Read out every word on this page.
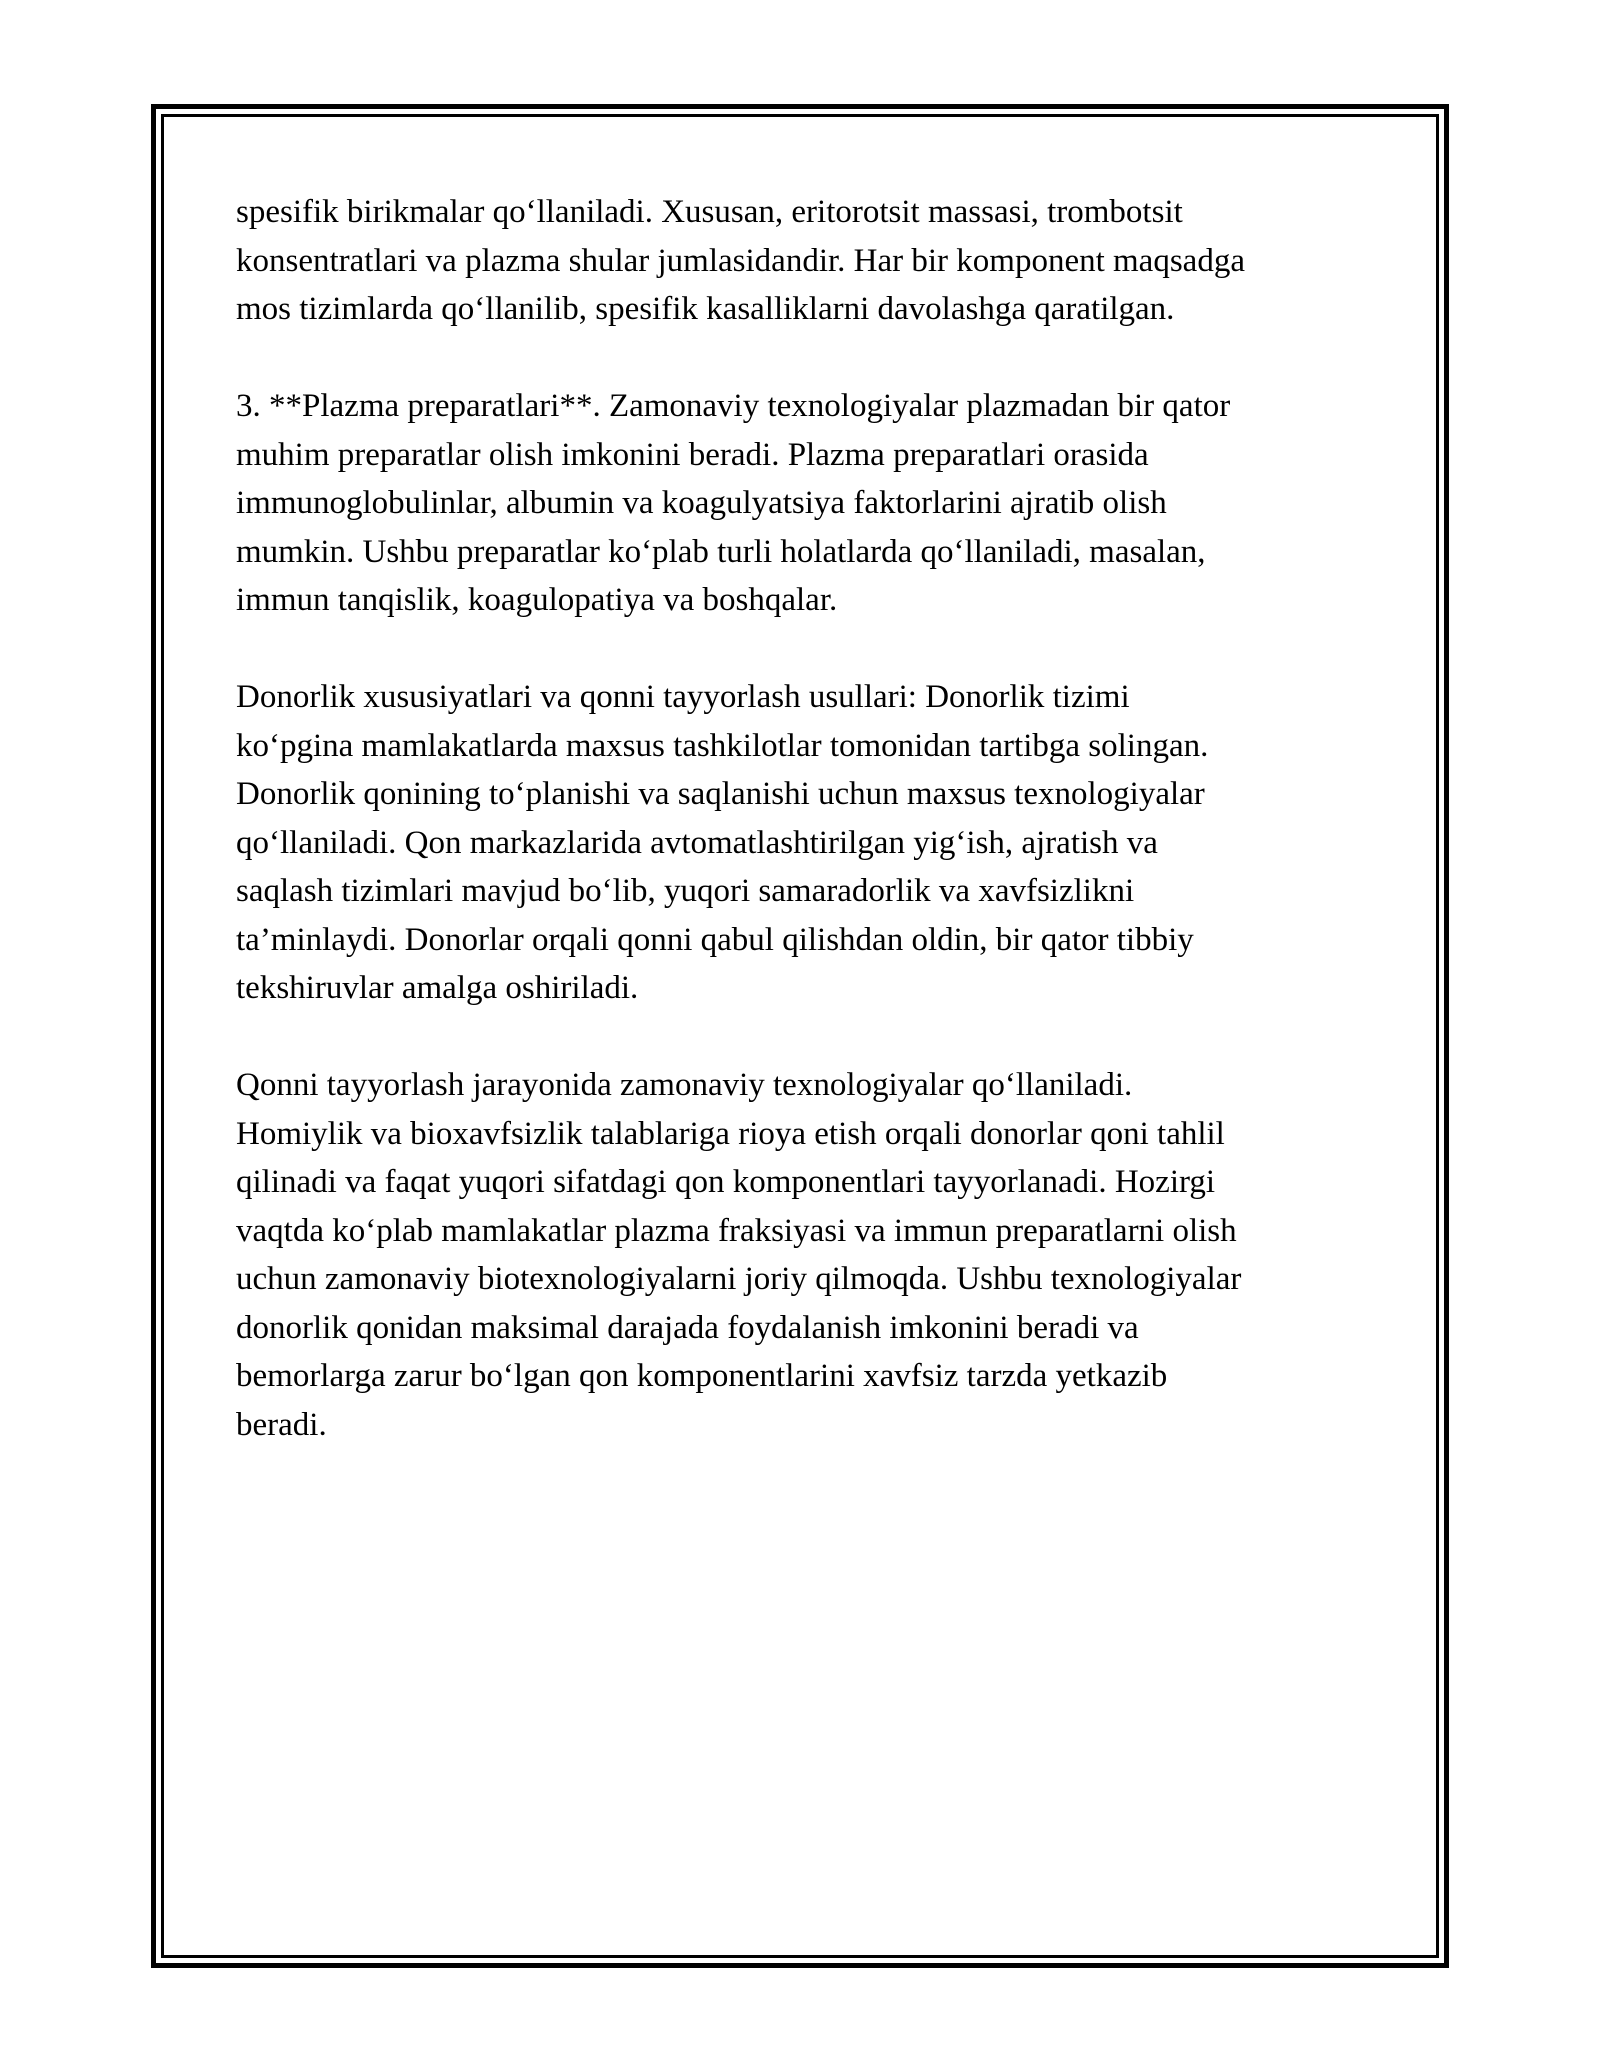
spesifik birikmalar qo‘llaniladi. Xususan, eritorotsit massasi, trombotsit
konsentratlari va plazma shular jumlasidandir. Har bir komponent maqsadga
mos tizimlarda qo‘llanilib, spesifik kasalliklarni davolashga qaratilgan.

3. **Plazma preparatlari**. Zamonaviy texnologiyalar plazmadan bir qator
muhim preparatlar olish imkonini beradi. Plazma preparatlari orasida
immunoglobulinlar, albumin va koagulyatsiya faktorlarini ajratib olish
mumkin. Ushbu preparatlar ko‘plab turli holatlarda qo‘llaniladi, masalan,
immun tanqislik, koagulopatiya va boshqalar.

Donorlik xususiyatlari va qonni tayyorlash usullari: Donorlik tizimi
ko‘pgina mamlakatlarda maxsus tashkilotlar tomonidan tartibga solingan.
Donorlik qonining to‘planishi va saqlanishi uchun maxsus texnologiyalar
qo‘llaniladi. Qon markazlarida avtomatlashtirilgan yig‘ish, ajratish va
saqlash tizimlari mavjud bo‘lib, yuqori samaradorlik va xavfsizlikni
ta’minlaydi. Donorlar orqali qonni qabul qilishdan oldin, bir qator tibbiy
tekshiruvlar amalga oshiriladi.

Qonni tayyorlash jarayonida zamonaviy texnologiyalar qo‘llaniladi.
Homiylik va bioxavfsizlik talablariga rioya etish orqali donorlar qoni tahlil
qilinadi va faqat yuqori sifatdagi qon komponentlari tayyorlanadi. Hozirgi
vaqtda ko‘plab mamlakatlar plazma fraksiyasi va immun preparatlarni olish
uchun zamonaviy biotexnologiyalarni joriy qilmoqda. Ushbu texnologiyalar
donorlik qonidan maksimal darajada foydalanish imkonini beradi va
bemorlarga zarur bo‘lgan qon komponentlarini xavfsiz tarzda yetkazib
beradi.
